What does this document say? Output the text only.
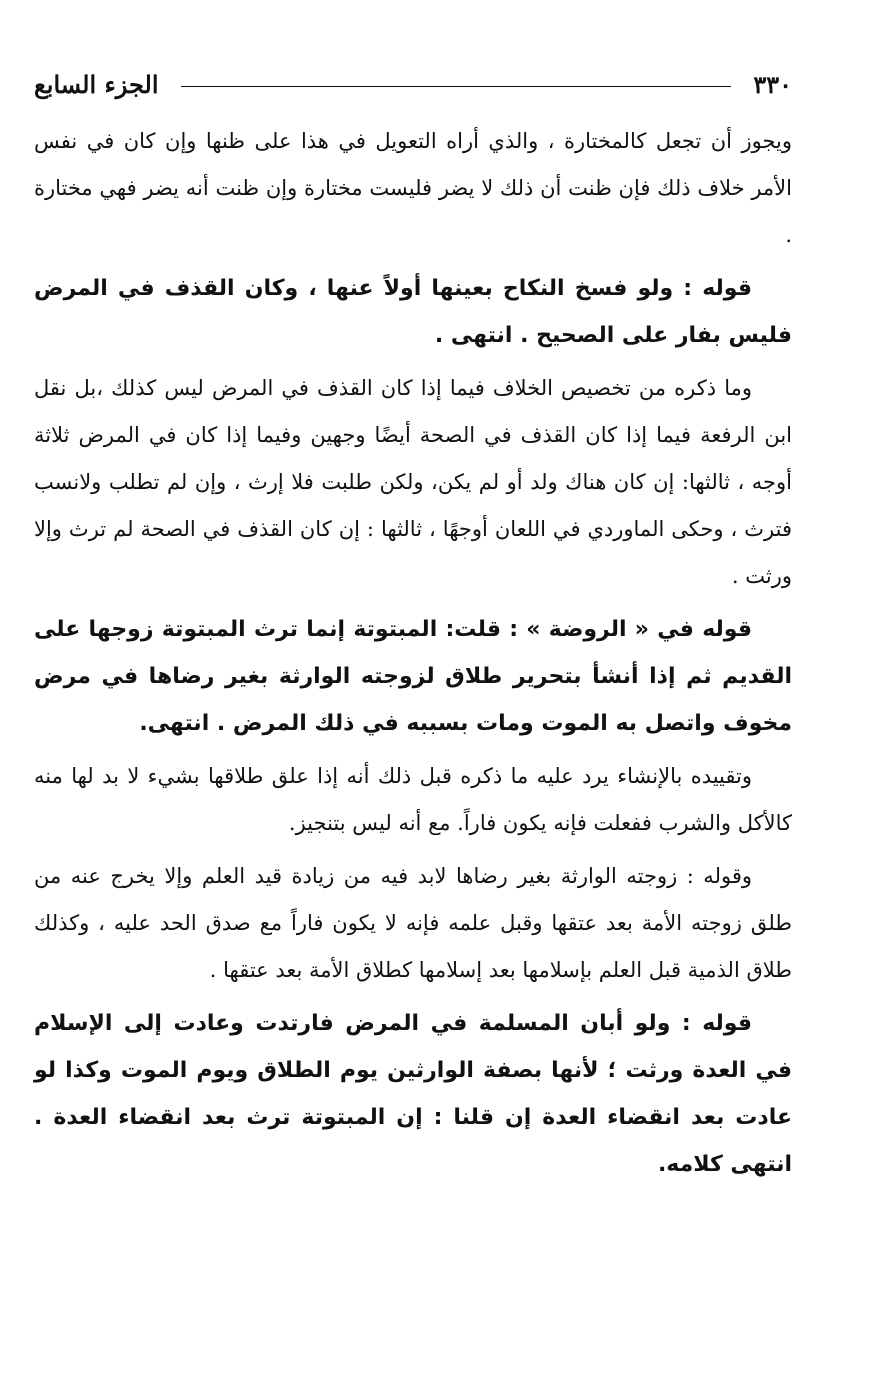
٣٣٠
الجزء السابع

ويجوز أن تجعل كالمختارة ، والذي أراه التعويل في هذا على ظنها وإن كان في نفس الأمر خلاف ذلك فإن ظنت أن ذلك لا يضر فليست مختارة وإن ظنت أنه يضر فهي مختارة .

قوله : ولو فسخ النكاح بعينها أولاً عنها ، وكان القذف في المرض فليس بفار على الصحيح . انتهى .

وما ذكره من تخصيص الخلاف فيما إذا كان القذف في المرض ليس كذلك ،بل نقل ابن الرفعة فيما إذا كان القذف في الصحة أيضًا وجهين وفيما إذا كان في المرض ثلاثة أوجه ، ثالثها: إن كان هناك ولد أو لم يكن، ولكن طلبت فلا إرث ، وإن لم تطلب ولانسب فترث ، وحكى الماوردي في اللعان أوجهًا ، ثالثها : إن كان القذف في الصحة لم ترث وإلا ورثت .

قوله في « الروضة » : قلت: المبتوتة إنما ترث المبتوتة زوجها على القديم ثم إذا أنشأ بتحرير طلاق لزوجته الوارثة بغير رضاها في مرض مخوف واتصل به الموت ومات بسببه في ذلك المرض . انتهى.

وتقييده بالإنشاء يرد عليه ما ذكره قبل ذلك أنه إذا علق طلاقها بشيء لا بد لها منه كالأكل والشرب ففعلت فإنه يكون فاراً. مع أنه ليس بتنجيز.

وقوله : زوجته الوارثة بغير رضاها لابد فيه من زيادة قيد العلم وإلا يخرج عنه من طلق زوجته الأمة بعد عتقها وقبل علمه فإنه لا يكون فاراً مع صدق الحد عليه ، وكذلك طلاق الذمية قبل العلم بإسلامها بعد إسلامها كطلاق الأمة بعد عتقها .

قوله : ولو أبان المسلمة في المرض فارتدت وعادت إلى الإسلام في العدة ورثت ؛ لأنها بصفة الوارثين يوم الطلاق ويوم الموت وكذا لو عادت بعد انقضاء العدة إن قلنا : إن المبتوتة ترث بعد انقضاء العدة . انتهى كلامه.
